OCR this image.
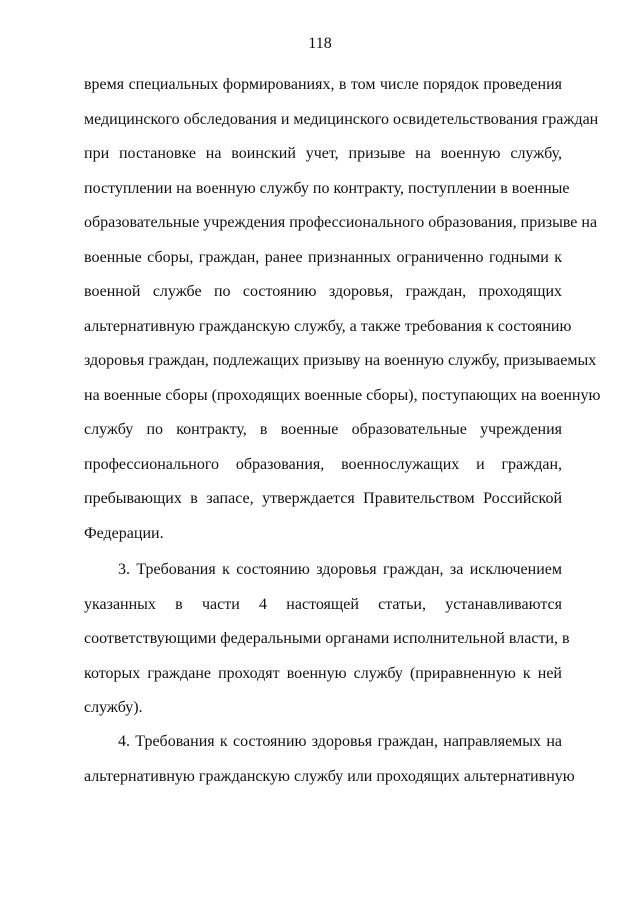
118
время специальных формированиях, в том числе порядок проведения
медицинского обследования и медицинского освидетельствования граждан
при постановке на воинский учет, призыве на военную службу,
поступлении на военную службу по контракту, поступлении в военные
образовательные учреждения профессионального образования, призыве на
военные сборы, граждан, ранее признанных ограниченно годными к
военной службе по состоянию здоровья, граждан, проходящих
альтернативную гражданскую службу, а также требования к состоянию
здоровья граждан, подлежащих призыву на военную службу, призываемых
на военные сборы (проходящих военные сборы), поступающих на военную
службу по контракту, в военные образовательные учреждения
профессионального образования, военнослужащих и граждан,
пребывающих в запасе, утверждается Правительством Российской
Федерации.
3. Требования к состоянию здоровья граждан, за исключением
указанных в части 4 настоящей статьи, устанавливаются
соответствующими федеральными органами исполнительной власти, в
которых граждане проходят военную службу (приравненную к ней
службу).
4. Требования к состоянию здоровья граждан, направляемых на
альтернативную гражданскую службу или проходящих альтернативную
